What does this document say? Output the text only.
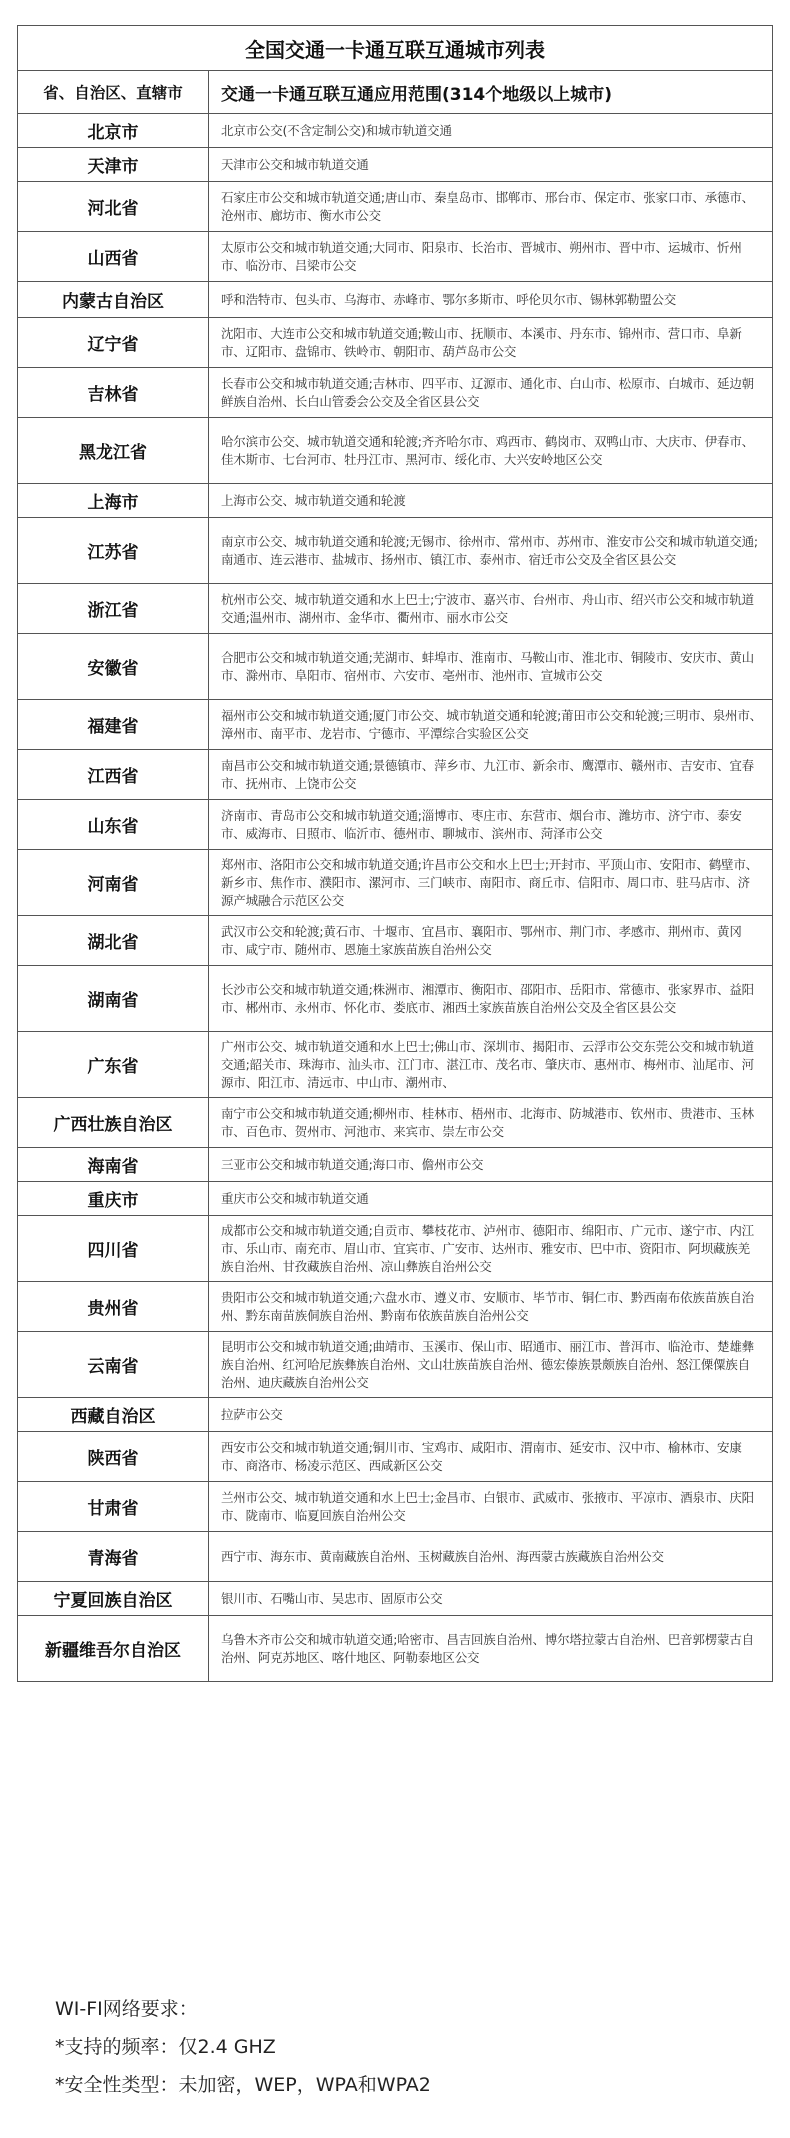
全国交通一卡通互联互通城市列表	
省、自治区、直辖市	交通一卡通互联互通应用范围(314个地级以上城市)
北京市	北京市公交(不含定制公交)和城市轨道交通
天津市	天津市公交和城市轨道交通
河北省	石家庄市公交和城市轨道交通;唐山市、秦皇岛市、邯郸市、邢台市、保定市、张家口市、承德市、沧州市、廊坊市、衡水市公交
山西省	太原市公交和城市轨道交通;大同市、阳泉市、长治市、晋城市、朔州市、晋中市、运城市、忻州市、临汾市、吕梁市公交
内蒙古自治区	呼和浩特市、包头市、乌海市、赤峰市、鄂尔多斯市、呼伦贝尔市、锡林郭勒盟公交
辽宁省	沈阳市、大连市公交和城市轨道交通;鞍山市、抚顺市、本溪市、丹东市、锦州市、营口市、阜新市、辽阳市、盘锦市、铁岭市、朝阳市、葫芦岛市公交
吉林省	长春市公交和城市轨道交通;吉林市、四平市、辽源市、通化市、白山市、松原市、白城市、延边朝鲜族自治州、长白山管委会公交及全省区县公交
黑龙江省	哈尔滨市公交、城市轨道交通和轮渡;齐齐哈尔市、鸡西市、鹤岗市、双鸭山市、大庆市、伊春市、佳木斯市、七台河市、牡丹江市、黑河市、绥化市、大兴安岭地区公交
上海市	上海市公交、城市轨道交通和轮渡
江苏省	南京市公交、城市轨道交通和轮渡;无锡市、徐州市、常州市、苏州市、淮安市公交和城市轨道交通;南通市、连云港市、盐城市、扬州市、镇江市、泰州市、宿迁市公交及全省区县公交
浙江省	杭州市公交、城市轨道交通和水上巴士;宁波市、嘉兴市、台州市、舟山市、绍兴市公交和城市轨道交通;温州市、湖州市、金华市、衢州市、丽水市公交
安徽省	合肥市公交和城市轨道交通;芜湖市、蚌埠市、淮南市、马鞍山市、淮北市、铜陵市、安庆市、黄山市、滁州市、阜阳市、宿州市、六安市、亳州市、池州市、宣城市公交
福建省	福州市公交和城市轨道交通;厦门市公交、城市轨道交通和轮渡;莆田市公交和轮渡;三明市、泉州市、漳州市、南平市、龙岩市、宁德市、平潭综合实验区公交
江西省	南昌市公交和城市轨道交通;景德镇市、萍乡市、九江市、新余市、鹰潭市、赣州市、吉安市、宜春市、抚州市、上饶市公交
山东省	济南市、青岛市公交和城市轨道交通;淄博市、枣庄市、东营市、烟台市、潍坊市、济宁市、泰安市、威海市、日照市、临沂市、德州市、聊城市、滨州市、菏泽市公交
河南省	郑州市、洛阳市公交和城市轨道交通;许昌市公交和水上巴士;开封市、平顶山市、安阳市、鹤壁市、新乡市、焦作市、濮阳市、漯河市、三门峡市、南阳市、商丘市、信阳市、周口市、驻马店市、济源产城融合示范区公交
湖北省	武汉市公交和轮渡;黄石市、十堰市、宜昌市、襄阳市、鄂州市、荆门市、孝感市、荆州市、黄冈市、咸宁市、随州市、恩施土家族苗族自治州公交
湖南省	长沙市公交和城市轨道交通;株洲市、湘潭市、衡阳市、邵阳市、岳阳市、常德市、张家界市、益阳市、郴州市、永州市、怀化市、娄底市、湘西土家族苗族自治州公交及全省区县公交
广东省	广州市公交、城市轨道交通和水上巴士;佛山市、深圳市、揭阳市、云浮市公交东莞公交和城市轨道交通;韶关市、珠海市、汕头市、江门市、湛江市、茂名市、肇庆市、惠州市、梅州市、汕尾市、河源市、阳江市、清远市、中山市、潮州市、
广西壮族自治区	南宁市公交和城市轨道交通;柳州市、桂林市、梧州市、北海市、防城港市、钦州市、贵港市、玉林市、百色市、贺州市、河池市、来宾市、崇左市公交
海南省	三亚市公交和城市轨道交通;海口市、儋州市公交
重庆市	重庆市公交和城市轨道交通
四川省	成都市公交和城市轨道交通;自贡市、攀枝花市、泸州市、德阳市、绵阳市、广元市、遂宁市、内江市、乐山市、南充市、眉山市、宜宾市、广安市、达州市、雅安市、巴中市、资阳市、阿坝藏族羌族自治州、甘孜藏族自治州、凉山彝族自治州公交
贵州省	贵阳市公交和城市轨道交通;六盘水市、遵义市、安顺市、毕节市、铜仁市、黔西南布依族苗族自治州、黔东南苗族侗族自治州、黔南布依族苗族自治州公交
云南省	昆明市公交和城市轨道交通;曲靖市、玉溪市、保山市、昭通市、丽江市、普洱市、临沧市、楚雄彝族自治州、红河哈尼族彝族自治州、文山壮族苗族自治州、德宏傣族景颇族自治州、怒江傈僳族自治州、迪庆藏族自治州公交
西藏自治区	拉萨市公交
陕西省	西安市公交和城市轨道交通;铜川市、宝鸡市、咸阳市、渭南市、延安市、汉中市、榆林市、安康市、商洛市、杨凌示范区、西咸新区公交
甘肃省	兰州市公交、城市轨道交通和水上巴士;金昌市、白银市、武威市、张掖市、平凉市、酒泉市、庆阳市、陇南市、临夏回族自治州公交
青海省	西宁市、海东市、黄南藏族自治州、玉树藏族自治州、海西蒙古族藏族自治州公交
宁夏回族自治区	银川市、石嘴山市、吴忠市、固原市公交
新疆维吾尔自治区	乌鲁木齐市公交和城市轨道交通;哈密市、昌吉回族自治州、博尔塔拉蒙古自治州、巴音郭楞蒙古自治州、阿克苏地区、喀什地区、阿勒泰地区公交
WI-FI网络要求：
*支持的频率：仅2.4 GHZ
*安全性类型：未加密，WEP，WPA和WPA2
